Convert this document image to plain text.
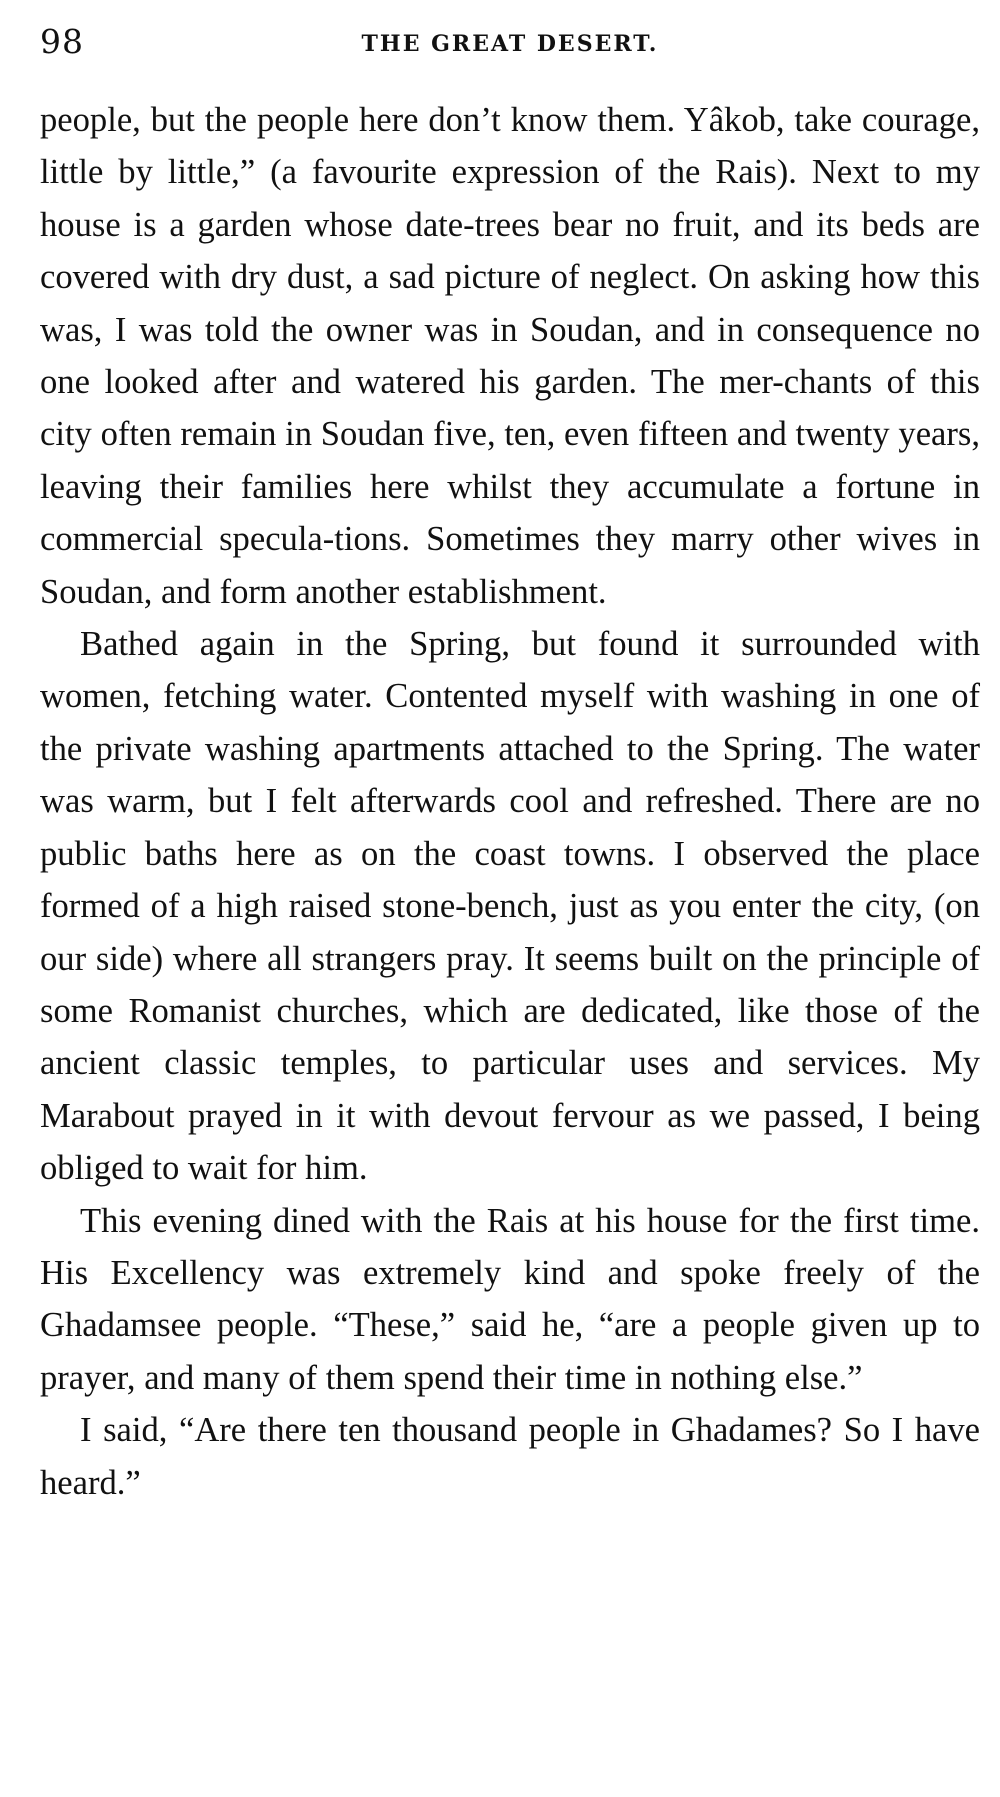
98	THE GREAT DESERT.

people, but the people here don’t know them. Yâkob, take courage, little by little,” (a favourite expression of the Rais). Next to my house is a garden whose date-trees bear no fruit, and its beds are covered with dry dust, a sad picture of neglect. On asking how this was, I was told the owner was in Soudan, and in consequence no one looked after and watered his garden. The mer-chants of this city often remain in Soudan five, ten, even fifteen and twenty years, leaving their families here whilst they accumulate a fortune in commercial specula-tions. Sometimes they marry other wives in Soudan, and form another establishment.

Bathed again in the Spring, but found it surrounded with women, fetching water. Contented myself with washing in one of the private washing apartments attached to the Spring. The water was warm, but I felt afterwards cool and refreshed. There are no public baths here as on the coast towns. I observed the place formed of a high raised stone-bench, just as you enter the city, (on our side) where all strangers pray. It seems built on the principle of some Romanist churches, which are dedicated, like those of the ancient classic temples, to particular uses and services. My Marabout prayed in it with devout fervour as we passed, I being obliged to wait for him.

This evening dined with the Rais at his house for the first time. His Excellency was extremely kind and spoke freely of the Ghadamsee people. “These,” said he, “are a people given up to prayer, and many of them spend their time in nothing else.”

I said, “Are there ten thousand people in Ghadames? So I have heard.”
